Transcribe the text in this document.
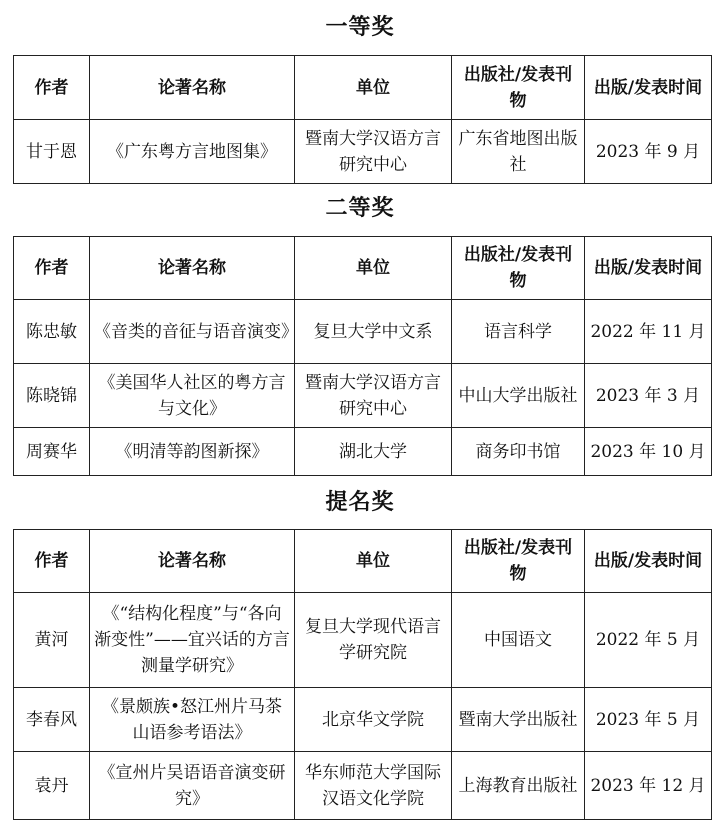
一等奖
作者	论著名称	单位	出版社/发表刊物	出版/发表时间
甘于恩	《广东粤方言地图集》	暨南大学汉语方言研究中心	广东省地图出版社	2023 年 9 月
二等奖
作者	论著名称	单位	出版社/发表刊物	出版/发表时间
陈忠敏	《音类的音征与语音演变》	复旦大学中文系	语言科学	2022 年 11 月
陈晓锦	《美国华人社区的粤方言与文化》	暨南大学汉语方言研究中心	中山大学出版社	2023 年 3 月
周赛华	《明清等韵图新探》	湖北大学	商务印书馆	2023 年 10 月
提名奖
作者	论著名称	单位	出版社/发表刊物	出版/发表时间
黄河	《“结构化程度”与“各向渐变性”——宜兴话的方言测量学研究》	复旦大学现代语言学研究院	中国语文	2022 年 5 月
李春风	《景颇族•怒江州片马茶山语参考语法》	北京华文学院	暨南大学出版社	2023 年 5 月
袁丹	《宣州片吴语语音演变研究》	华东师范大学国际汉语文化学院	上海教育出版社	2023 年 12 月
